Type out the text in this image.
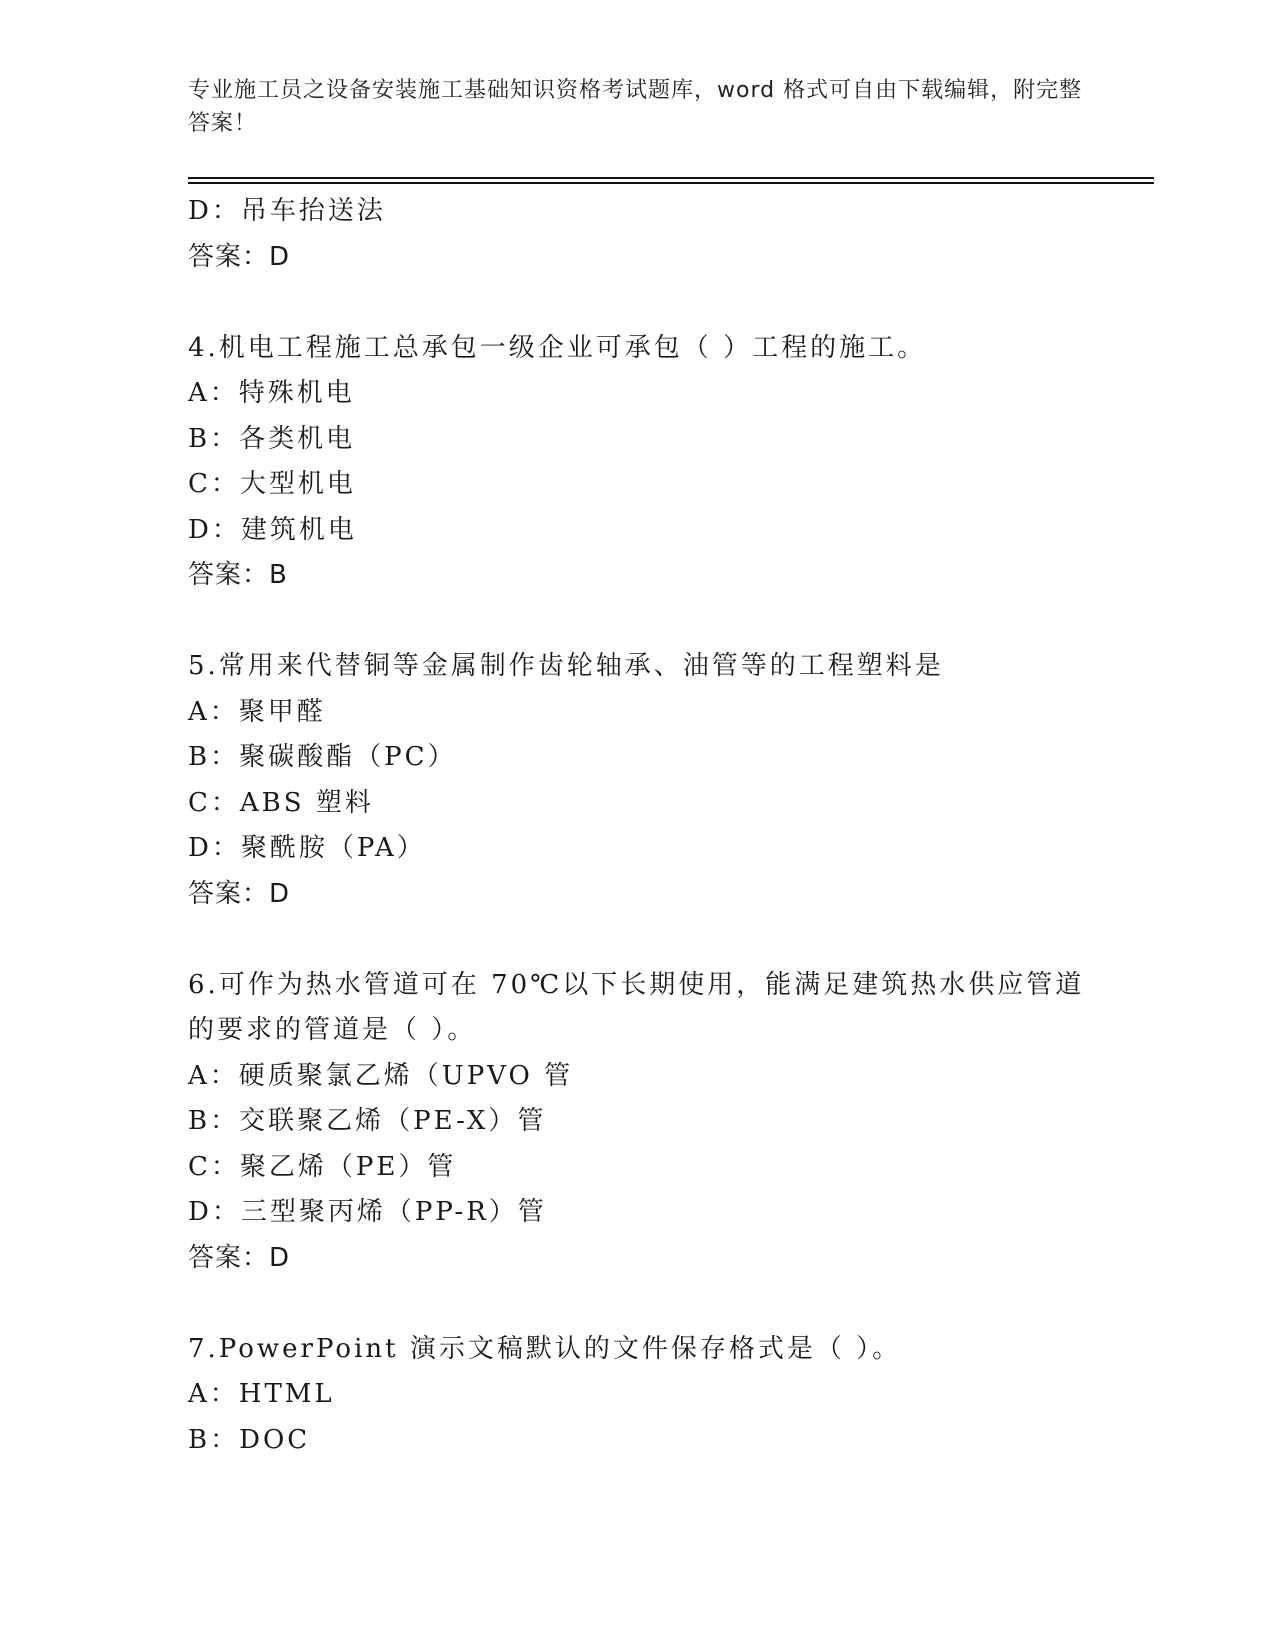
专业施工员之设备安装施工基础知识资格考试题库，word 格式可自由下载编辑，附完整答案！
D：吊车抬送法
答案：D
4.机电工程施工总承包一级企业可承包（ ）工程的施工。
A：特殊机电
B：各类机电
C：大型机电
D：建筑机电
答案：B
5.常用来代替铜等金属制作齿轮轴承、油管等的工程塑料是
A：聚甲醛
B：聚碳酸酯（PC）
C：ABS 塑料
D：聚酰胺（PA）
答案：D
6.可作为热水管道可在 70℃以下长期使用，能满足建筑热水供应管道
的要求的管道是（ ）。
A：硬质聚氯乙烯（UPVO 管
B：交联聚乙烯（PE-X）管
C：聚乙烯（PE）管
D：三型聚丙烯（PP-R）管
答案：D
7.PowerPoint 演示文稿默认的文件保存格式是（ ）。
A：HTML
B：DOC
